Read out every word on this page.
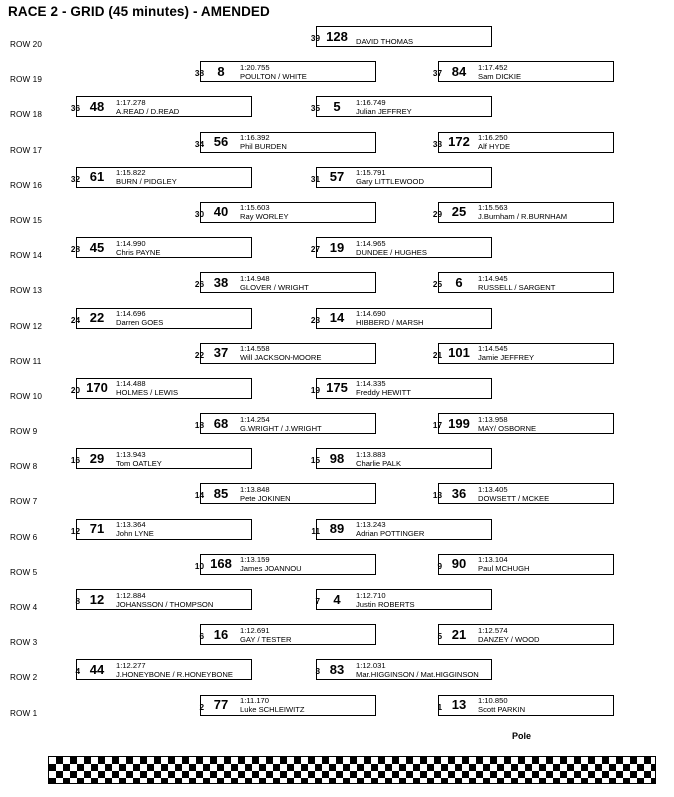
RACE 2 - GRID (45 minutes) - AMENDED
ROW 20
39 128	DAVID THOMAS
ROW 19
38	8	1:20.755
POULTON / WHITE	37 84	1:17.452
Sam DICKIE
ROW 18
36 48	1:17.278
A.READ / D.READ	35	5	1:16.749
Julian JEFFREY
ROW 17
34 56	1:16.392
Phil BURDEN	33 172	1:16.250
Alf HYDE
ROW 16
32 61	1:15.822
BURN / PIDGLEY	31 57	1:15.791
Gary LITTLEWOOD
ROW 15
30 40	1:15.603
Ray WORLEY	29 25	1:15.563
J.Burnham / R.BURNHAM
ROW 14
28 45	1:14.990
Chris PAYNE	27 19	1:14.965
DUNDEE / HUGHES
ROW 13
26 38	1:14.948
GLOVER / WRIGHT	25	6	1:14.945
RUSSELL / SARGENT
ROW 12
24 22	1:14.696
Darren GOES	23 14	1:14.690
HIBBERD / MARSH
ROW 11
22 37	1:14.558
Will JACKSON-MOORE	21 101	1:14.545
Jamie JEFFREY
ROW 10
20 170	1:14.488
HOLMES / LEWIS	19 175	1:14.335
Freddy HEWITT
ROW 9
18 68	1:14.254
G.WRIGHT / J.WRIGHT	17 199	1:13.958
MAY/ OSBORNE
ROW 8
16 29	1:13.943
Tom OATLEY	15 98	1:13.883
Charlie PALK
ROW 7
14 85	1:13.848
Pete JOKINEN	13 36	1:13.405
DOWSETT / MCKEE
ROW 6
12 71	1:13.364
John LYNE	11 89	1:13.243
Adrian POTTINGER
ROW 5
10 168	1:13.159
James JOANNOU	9 90	1:13.104
Paul MCHUGH
ROW 4
8 12	1:12.884
JOHANSSON / THOMPSON	7	4	1:12.710
Justin ROBERTS
ROW 3
6 16	1:12.691
GAY / TESTER	5 21	1:12.574
DANZEY / WOOD
ROW 2
4 44	1:12.277
J.HONEYBONE / R.HONEYBONE	3 83	1:12.031
Mar.HIGGINSON / Mat.HIGGINSON
ROW 1
2 77	1:11.170
Luke SCHLEIWITZ	1 13	1:10.850
Scott PARKIN
Pole
